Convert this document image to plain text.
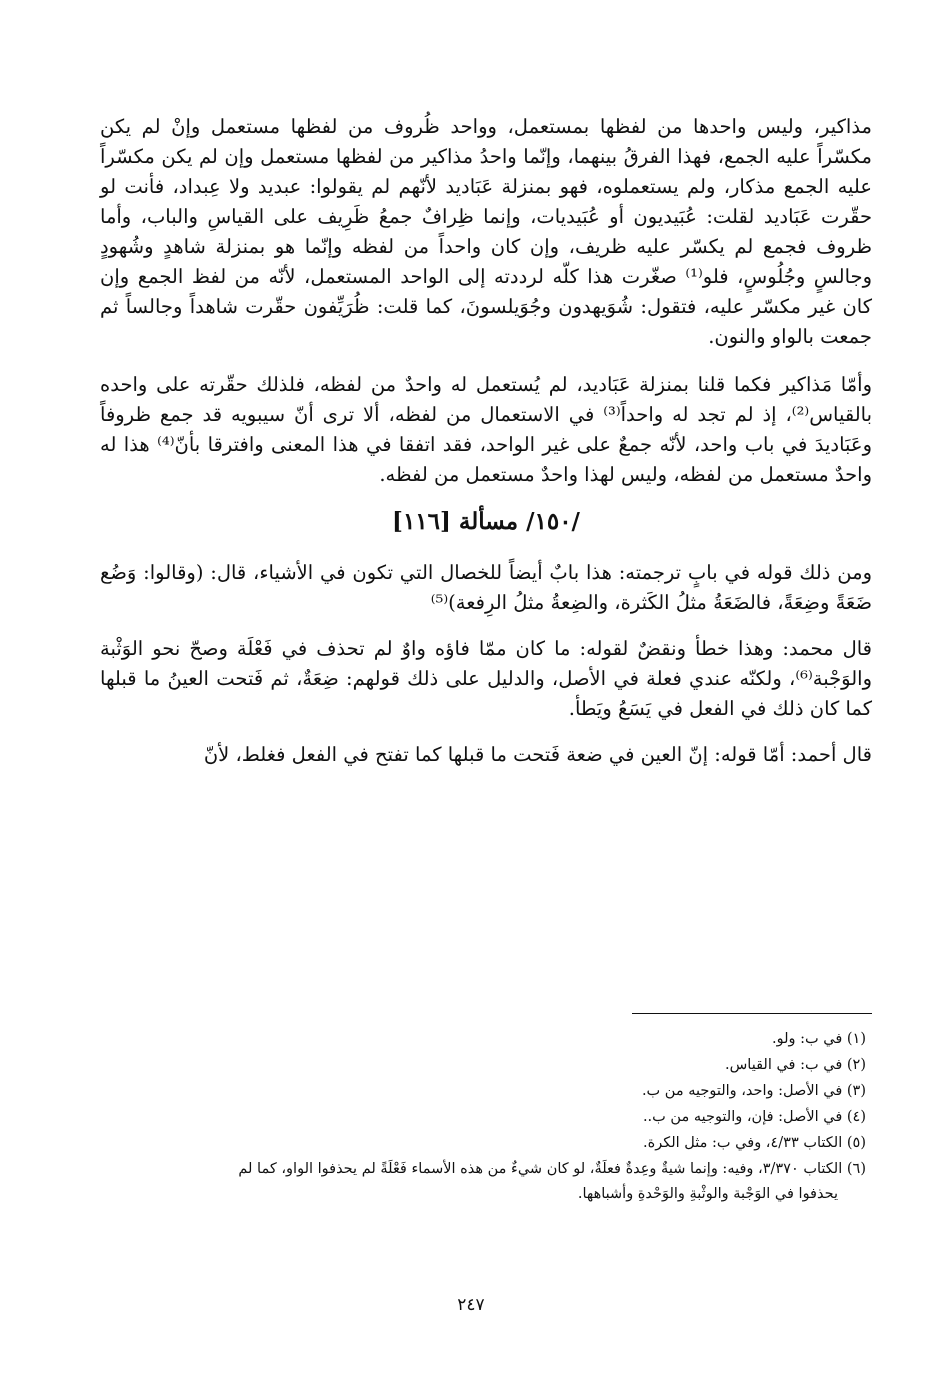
مذاكير، وليس واحدها من لفظها بمستعمل، وواحد ظُروف من لفظها مستعمل وإنْ لم يكن مكسّراً عليه الجمع، فهذا الفرقُ بينهما، وإنّما واحدُ مذاكير من لفظها مستعمل وإن لم يكن مكسّراً عليه الجمع مذكار، ولم يستعملوه، فهو بمنزلة عَبَاديد لأنّهم لم يقولوا: عبديد ولا عِبداد، فأنت لو حقّرت عَبَاديد لقلت: عُبَيديون أو عُبَيديات، وإنما ظِرافٌ جمعُ ظَرِيف على القياسِ والباب، وأما ظروف فجمع لم يكسّر عليه ظريف، وإن كان واحداً من لفظه وإنّما هو بمنزلة شاهدٍ وشُهودٍ وجالسٍ وجُلُوسٍ، فلو⁽¹⁾ صغّرت هذا كلّه لرددته إلى الواحد المستعمل، لأنّه من لفظ الجمع وإن كان غير مكسّر عليه، فتقول: شُوَيهدون وجُوَيلسونَ، كما قلت: ظُرَيِّفون حقّرت شاهداً وجالساً ثم جمعت بالواو والنون.

وأمّا مَذاكير فكما قلنا بمنزلة عَبَاديد، لم يُستعمل له واحدٌ من لفظه، فلذلك حقّرته على واحده بالقياس⁽²⁾، إذ لم تجد له واحداً⁽³⁾ في الاستعمال من لفظه، ألا ترى أنّ سيبويه قد جمع ظروفاً وعَبَاديدَ في باب واحد، لأنّه جمعٌ على غير الواحد، فقد اتفقا في هذا المعنى وافترقا بأنّ⁽⁴⁾ هذا له واحدٌ مستعمل من لفظه، وليس لهذا واحدٌ مستعمل من لفظه.

/١٥٠/ مسألة [١١٦]

ومن ذلك قوله في بابٍ ترجمته: هذا بابٌ أيضاً للخصال التي تكون في الأشياء، قال: (وقالوا: وَضُع ضَعَةً وضِعَةً، فالضَعَةُ مثلُ الكَثرة، والضِعةُ مثلُ الرِفعة)⁽⁵⁾

قال محمد: وهذا خطأ ونقضٌ لقوله: ما كان ممّا فاؤه واوٌ لم تحذف في فَعْلَة وصحّ نحو الوَثْبة والوَجْبة⁽⁶⁾، ولكنّه عندي فعلة في الأصل، والدليل على ذلك قولهم: ضِعَةٌ، ثم فَتحت العينُ ما قبلها كما كان ذلك في الفعل في يَسَعُ ويَطأ.

قال أحمد: أمّا قوله: إنّ العين في ضعة فَتحت ما قبلها كما تفتح في الفعل فغلط، لأنّ

(١) في ب: ولو.

(٢) في ب: في القياس.

(٣) في الأصل: واحد، والتوجيه من ب.

(٤) في الأصل: فإن، والتوجيه من ب..

(٥) الكتاب ٤/٣٣، وفي ب: مثل الكرة.

(٦) الكتاب ٣/٣٧٠، وفيه: وإنما شيةٌ وعِدةٌ فعلَةٌ، لو كان شيءٌ من هذه الأسماء فَعْلَةً لم يحذفوا الواو، كما لم

يحذفوا في الوَجْبة والوثْبةِ والوَحْدةِ وأشباهها.

٢٤٧
